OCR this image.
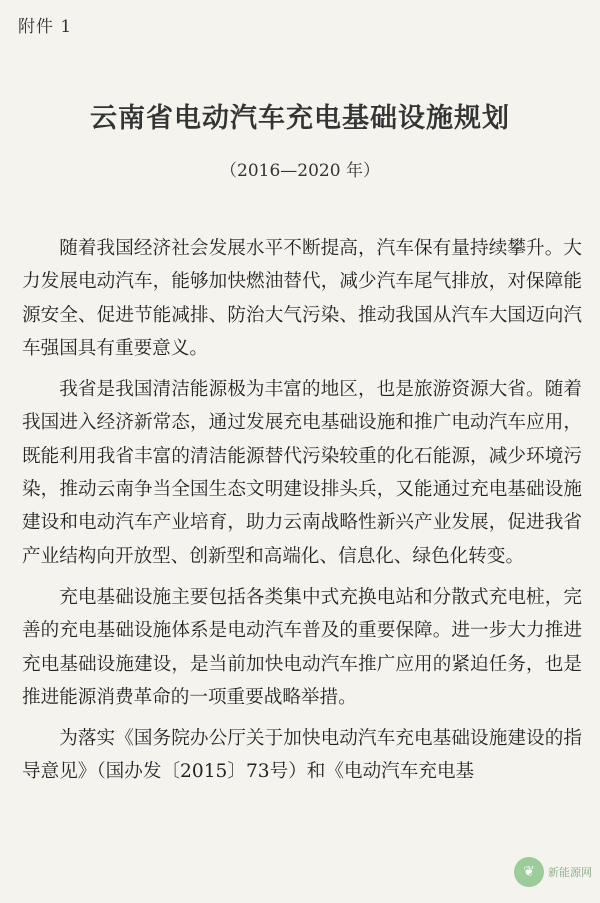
附件 1
云南省电动汽车充电基础设施规划
（2016—2020 年）

随着我国经济社会发展水平不断提高，汽车保有量持续攀升。大力发展电动汽车，能够加快燃油替代，减少汽车尾气排放，对保障能源安全、促进节能减排、防治大气污染、推动我国从汽车大国迈向汽车强国具有重要意义。

我省是我国清洁能源极为丰富的地区，也是旅游资源大省。随着我国进入经济新常态，通过发展充电基础设施和推广电动汽车应用，既能利用我省丰富的清洁能源替代污染较重的化石能源，减少环境污染，推动云南争当全国生态文明建设排头兵，又能通过充电基础设施建设和电动汽车产业培育，助力云南战略性新兴产业发展，促进我省产业结构向开放型、创新型和高端化、信息化、绿色化转变。

充电基础设施主要包括各类集中式充换电站和分散式充电桩，完善的充电基础设施体系是电动汽车普及的重要保障。进一步大力推进充电基础设施建设，是当前加快电动汽车推广应用的紧迫任务，也是推进能源消费革命的一项重要战略举措。

为落实《国务院办公厅关于加快电动汽车充电基础设施建设的指导意见》（国办发〔2015〕73号）和《电动汽车充电基

❦	新能源网
